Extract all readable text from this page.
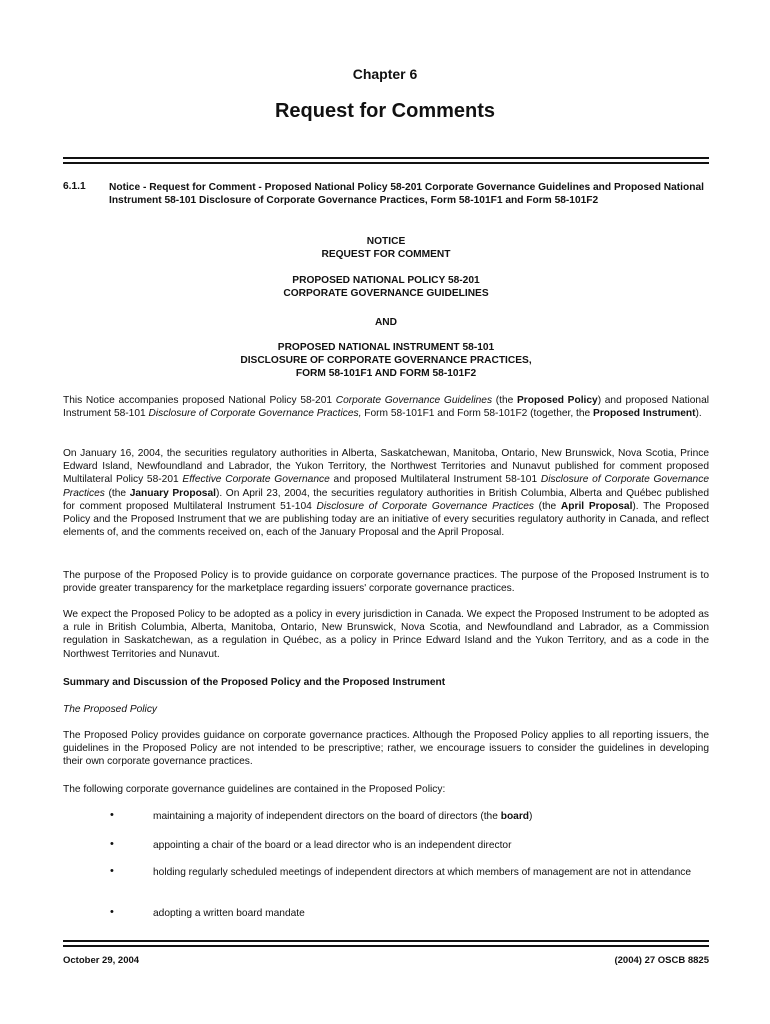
Chapter 6
Request for Comments
6.1.1 Notice - Request for Comment - Proposed National Policy 58-201 Corporate Governance Guidelines and Proposed National Instrument 58-101 Disclosure of Corporate Governance Practices, Form 58-101F1 and Form 58-101F2
NOTICE
REQUEST FOR COMMENT
PROPOSED NATIONAL POLICY 58-201
CORPORATE GOVERNANCE GUIDELINES
AND
PROPOSED NATIONAL INSTRUMENT 58-101
DISCLOSURE OF CORPORATE GOVERNANCE PRACTICES,
FORM 58-101F1 AND FORM 58-101F2
This Notice accompanies proposed National Policy 58-201 Corporate Governance Guidelines (the Proposed Policy) and proposed National Instrument 58-101 Disclosure of Corporate Governance Practices, Form 58-101F1 and Form 58-101F2 (together, the Proposed Instrument).
On January 16, 2004, the securities regulatory authorities in Alberta, Saskatchewan, Manitoba, Ontario, New Brunswick, Nova Scotia, Prince Edward Island, Newfoundland and Labrador, the Yukon Territory, the Northwest Territories and Nunavut published for comment proposed Multilateral Policy 58-201 Effective Corporate Governance and proposed Multilateral Instrument 58-101 Disclosure of Corporate Governance Practices (the January Proposal). On April 23, 2004, the securities regulatory authorities in British Columbia, Alberta and Québec published for comment proposed Multilateral Instrument 51-104 Disclosure of Corporate Governance Practices (the April Proposal). The Proposed Policy and the Proposed Instrument that we are publishing today are an initiative of every securities regulatory authority in Canada, and reflect elements of, and the comments received on, each of the January Proposal and the April Proposal.
The purpose of the Proposed Policy is to provide guidance on corporate governance practices. The purpose of the Proposed Instrument is to provide greater transparency for the marketplace regarding issuers' corporate governance practices.
We expect the Proposed Policy to be adopted as a policy in every jurisdiction in Canada. We expect the Proposed Instrument to be adopted as a rule in British Columbia, Alberta, Manitoba, Ontario, New Brunswick, Nova Scotia, and Newfoundland and Labrador, as a Commission regulation in Saskatchewan, as a regulation in Québec, as a policy in Prince Edward Island and the Yukon Territory, and as a code in the Northwest Territories and Nunavut.
Summary and Discussion of the Proposed Policy and the Proposed Instrument
The Proposed Policy
The Proposed Policy provides guidance on corporate governance practices. Although the Proposed Policy applies to all reporting issuers, the guidelines in the Proposed Policy are not intended to be prescriptive; rather, we encourage issuers to consider the guidelines in developing their own corporate governance practices.
The following corporate governance guidelines are contained in the Proposed Policy:
•	maintaining a majority of independent directors on the board of directors (the board)
•	appointing a chair of the board or a lead director who is an independent director
•	holding regularly scheduled meetings of independent directors at which members of management are not in attendance
•	adopting a written board mandate
October 29, 2004	(2004) 27 OSCB 8825
